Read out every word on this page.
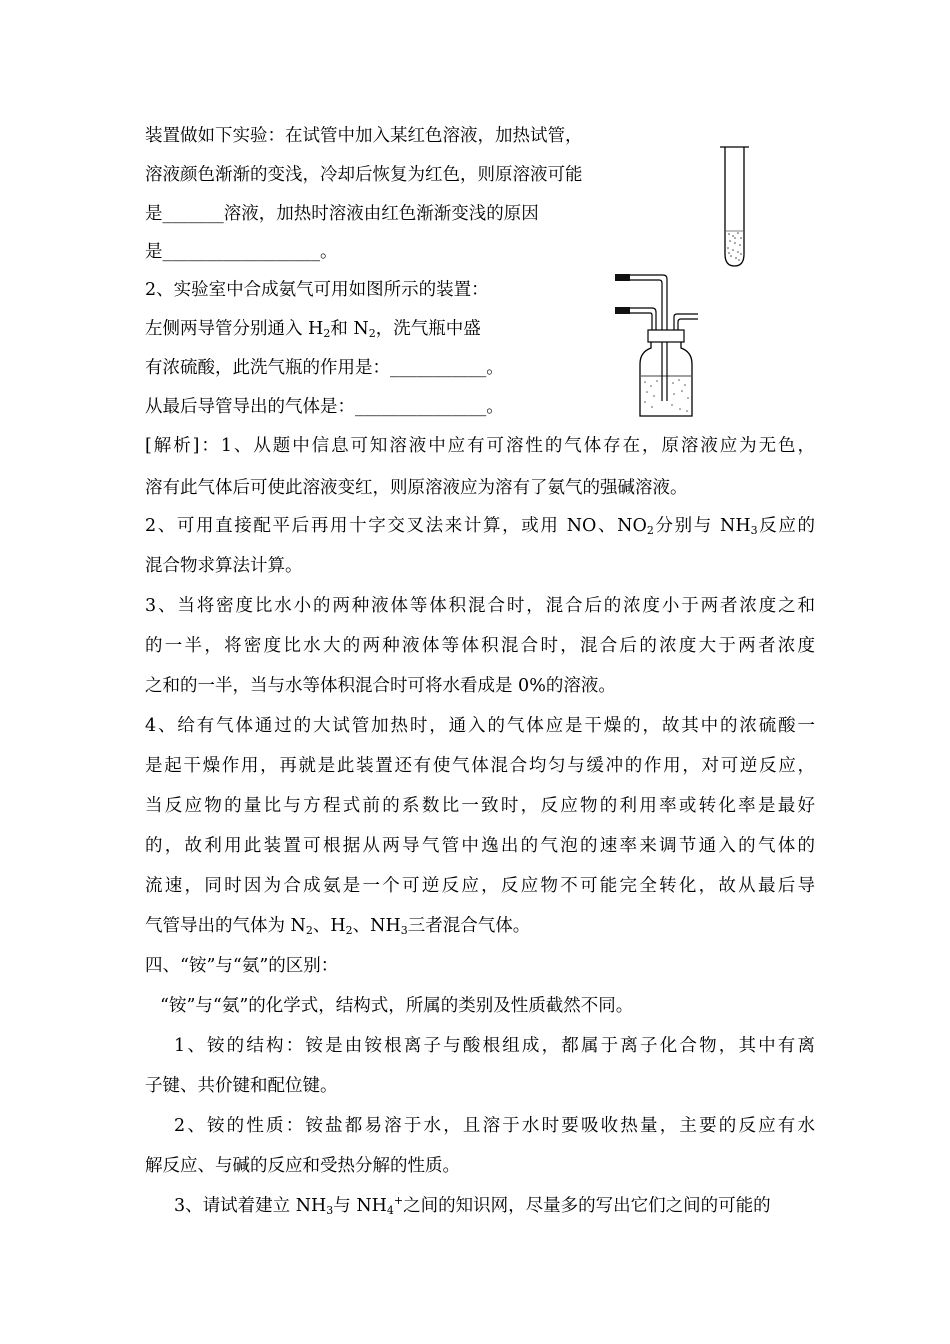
装置做如下实验：在试管中加入某红色溶液，加热试管，
溶液颜色渐渐的变浅，冷却后恢复为红色，则原溶液可能
是_______溶液，加热时溶液由红色渐渐变浅的原因
是__________________。
2、实验室中合成氨气可用如图所示的装置：
左侧两导管分别通入 $H_2$和 $N_2$，洗气瓶中盛
有浓硫酸，此洗气瓶的作用是：___________。
从最后导管导出的气体是：_______________。
[解析]：1、从题中信息可知溶液中应有可溶性的气体存在，原溶液应为无色，
溶有此气体后可使此溶液变红，则原溶液应为溶有了氨气的强碱溶液。
2、可用直接配平后再用十字交叉法来计算，或用 NO、$NO_2$分别与 $NH_3$反应的
混合物求算法计算。
3、当将密度比水小的两种液体等体积混合时，混合后的浓度小于两者浓度之和
的一半，将密度比水大的两种液体等体积混合时，混合后的浓度大于两者浓度
之和的一半，当与水等体积混合时可将水看成是 0%的溶液。
4、给有气体通过的大试管加热时，通入的气体应是干燥的，故其中的浓硫酸一
是起干燥作用，再就是此装置还有使气体混合均匀与缓冲的作用，对可逆反应，
当反应物的量比与方程式前的系数比一致时，反应物的利用率或转化率是最好
的，故利用此装置可根据从两导气管中逸出的气泡的速率来调节通入的气体的
流速，同时因为合成氨是一个可逆反应，反应物不可能完全转化，故从最后导
气管导出的气体为 $N_2$、$H_2$、$NH_3$三者混合气体。
四、“铵”与“氨”的区别：
“铵”与“氨”的化学式，结构式，所属的类别及性质截然不同。
1、铵的结构：铵是由铵根离子与酸根组成，都属于离子化合物，其中有离
子键、共价键和配位键。
2、铵的性质：铵盐都易溶于水，且溶于水时要吸收热量，主要的反应有水
解反应、与碱的反应和受热分解的性质。
3、请试着建立 $NH_3$与 $NH_4^+$之间的知识网，尽量多的写出它们之间的可能的
